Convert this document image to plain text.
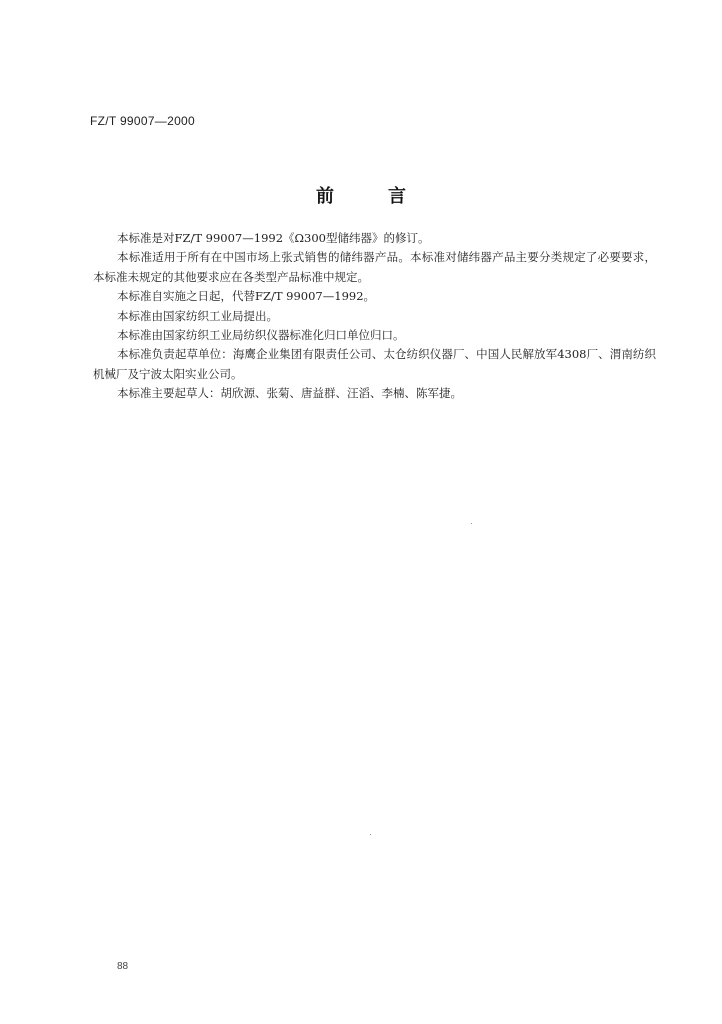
FZ/T 99007—2000
前	言

本标准是对FZ/T 99007—1992《Ω300型储纬器》的修订。

本标准适用于所有在中国市场上张式销售的储纬器产品。本标准对储纬器产品主要分类规定了必要要求，本标准未规定的其他要求应在各类型产品标准中规定。

本标准自实施之日起，代替FZ/T 99007—1992。

本标准由国家纺织工业局提出。

本标准由国家纺织工业局纺织仪器标准化归口单位归口。

本标准负责起草单位：海鹰企业集团有限责任公司、太仓纺织仪器厂、中国人民解放军4308厂、渭南纺织机械厂及宁波太阳实业公司。

本标准主要起草人：胡欣源、张菊、唐益群、汪滔、李楠、陈军捷。

88
